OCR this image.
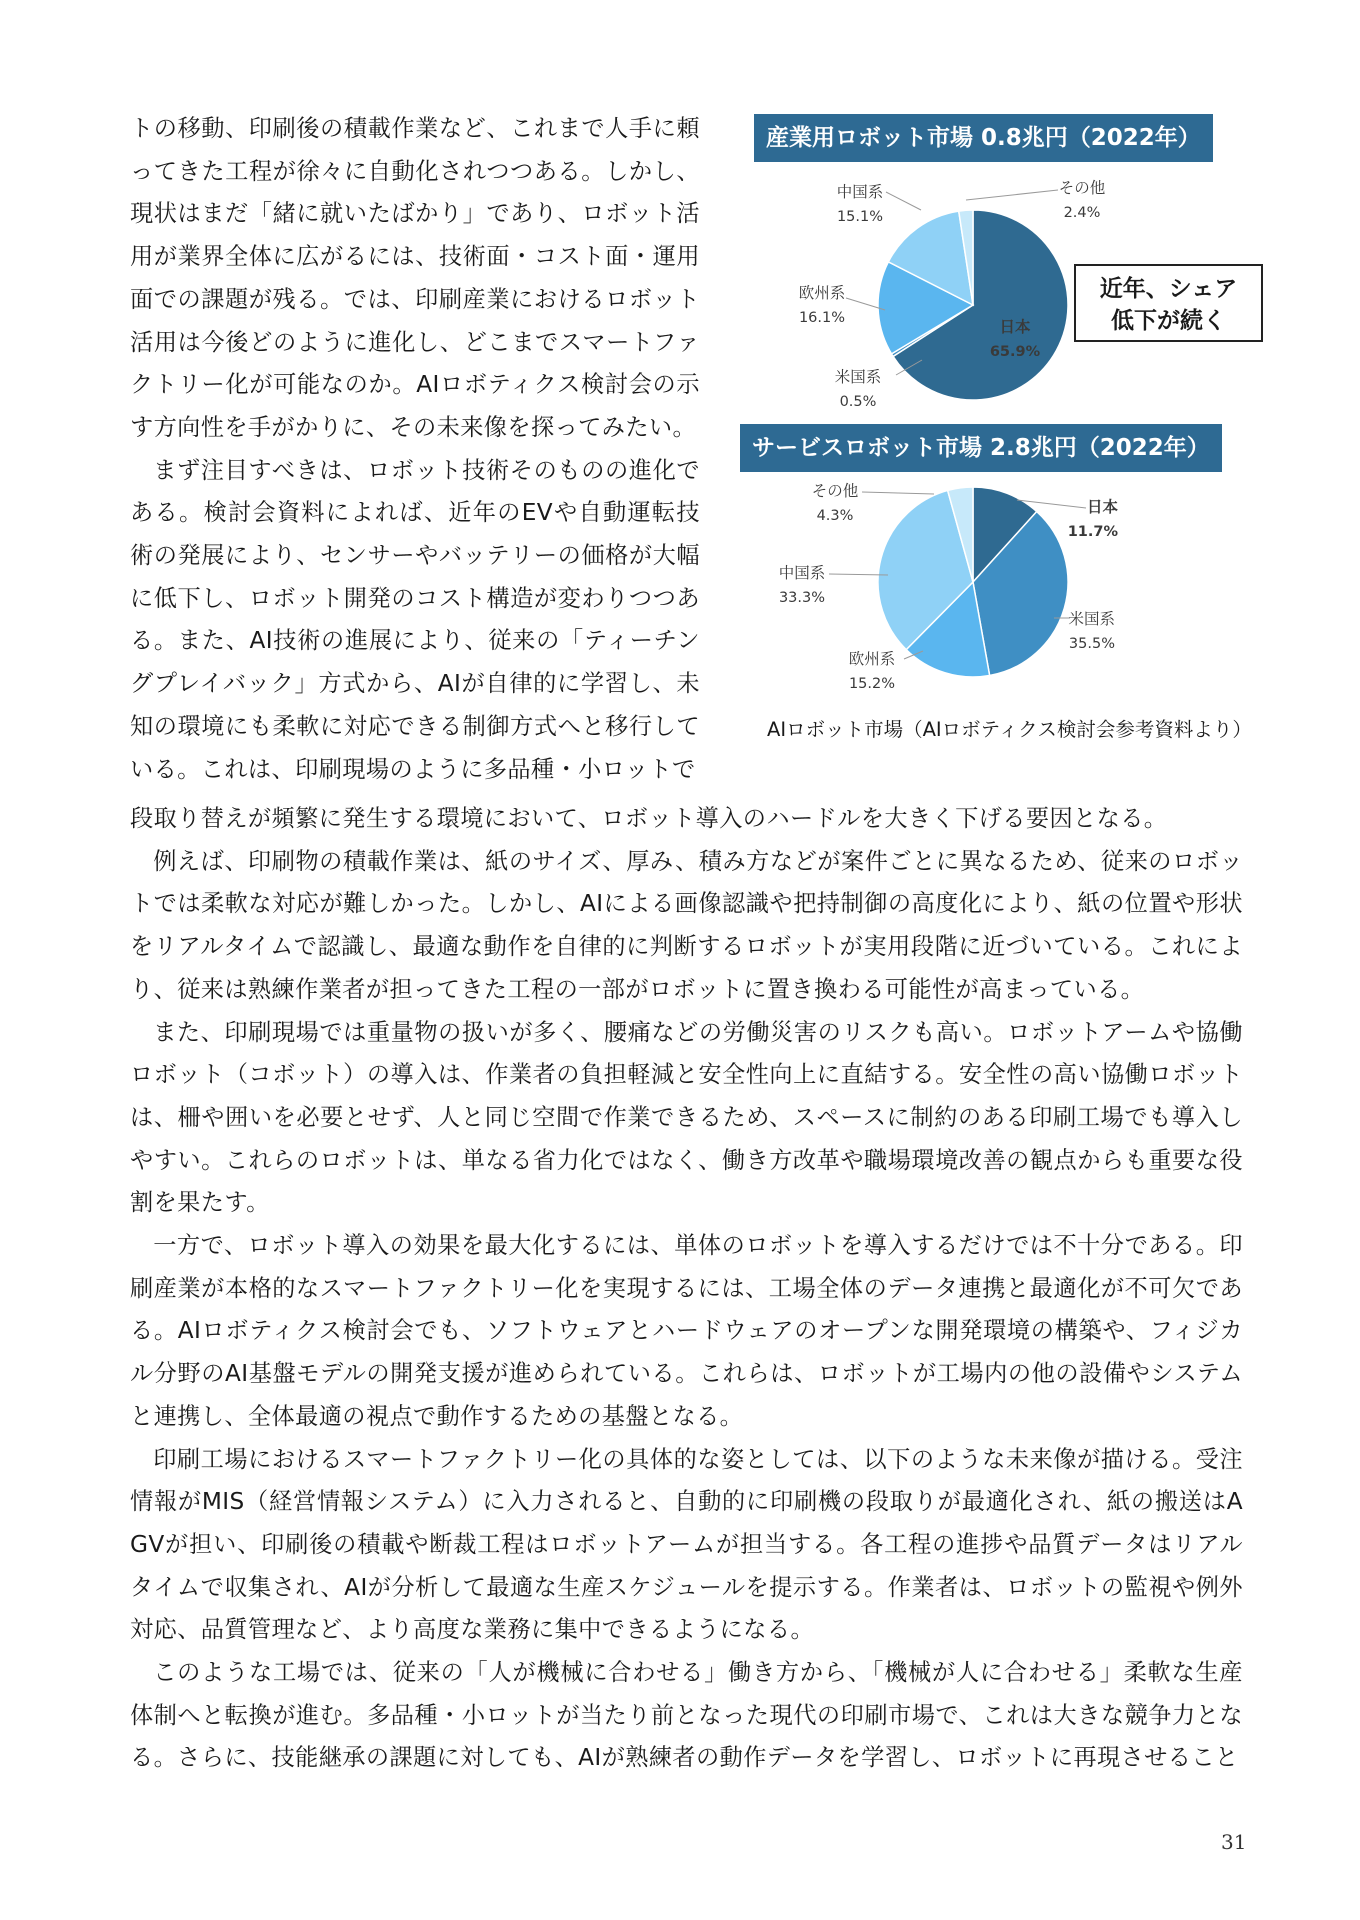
トの移動、印刷後の積載作業など、これまで人手に頼ってきた工程が徐々に自動化されつつある。しかし、現状はまだ「緒に就いたばかり」であり、ロボット活用が業界全体に広がるには、技術面・コスト面・運用面での課題が残る。では、印刷産業におけるロボット活用は今後どのように進化し、どこまでスマートファクトリー化が可能なのか。AIロボティクス検討会の示す方向性を手がかりに、その未来像を探ってみたい。

まず注目すべきは、ロボット技術そのものの進化である。検討会資料によれば、近年のEVや自動運転技術の発展により、センサーやバッテリーの価格が大幅に低下し、ロボット開発のコスト構造が変わりつつある。また、AI技術の進展により、従来の「ティーチングプレイバック」方式から、AIが自律的に学習し、未知の環境にも柔軟に対応できる制御方式へと移行している。これは、印刷現場のように多品種・小ロットで

産業用ロボット市場 0.8兆円（2022年）
日本
65.9%
米国系
0.5%
欧州系
16.1%
中国系
15.1%
その他
2.4%
近年、シェア
低下が続く
サービスロボット市場 2.8兆円（2022年）
日本
11.7%
米国系
35.5%
欧州系
15.2%
中国系
33.3%
その他
4.3%
AIロボット市場（AIロボティクス検討会参考資料より）

段取り替えが頻繁に発生する環境において、ロボット導入のハードルを大きく下げる要因となる。

例えば、印刷物の積載作業は、紙のサイズ、厚み、積み方などが案件ごとに異なるため、従来のロボットでは柔軟な対応が難しかった。しかし、AIによる画像認識や把持制御の高度化により、紙の位置や形状をリアルタイムで認識し、最適な動作を自律的に判断するロボットが実用段階に近づいている。これにより、従来は熟練作業者が担ってきた工程の一部がロボットに置き換わる可能性が高まっている。

また、印刷現場では重量物の扱いが多く、腰痛などの労働災害のリスクも高い。ロボットアームや協働ロボット（コボット）の導入は、作業者の負担軽減と安全性向上に直結する。安全性の高い協働ロボットは、柵や囲いを必要とせず、人と同じ空間で作業できるため、スペースに制約のある印刷工場でも導入しやすい。これらのロボットは、単なる省力化ではなく、働き方改革や職場環境改善の観点からも重要な役割を果たす。

一方で、ロボット導入の効果を最大化するには、単体のロボットを導入するだけでは不十分である。印刷産業が本格的なスマートファクトリー化を実現するには、工場全体のデータ連携と最適化が不可欠である。AIロボティクス検討会でも、ソフトウェアとハードウェアのオープンな開発環境の構築や、フィジカル分野のAI基盤モデルの開発支援が進められている。これらは、ロボットが工場内の他の設備やシステムと連携し、全体最適の視点で動作するための基盤となる。

印刷工場におけるスマートファクトリー化の具体的な姿としては、以下のような未来像が描ける。受注情報がMIS（経営情報システム）に入力されると、自動的に印刷機の段取りが最適化され、紙の搬送はAGVが担い、印刷後の積載や断裁工程はロボットアームが担当する。各工程の進捗や品質データはリアルタイムで収集され、AIが分析して最適な生産スケジュールを提示する。作業者は、ロボットの監視や例外対応、品質管理など、より高度な業務に集中できるようになる。

このような工場では、従来の「人が機械に合わせる」働き方から、「機械が人に合わせる」柔軟な生産体制へと転換が進む。多品種・小ロットが当たり前となった現代の印刷市場で、これは大きな競争力となる。さらに、技能継承の課題に対しても、AIが熟練者の動作データを学習し、ロボットに再現させること

31
